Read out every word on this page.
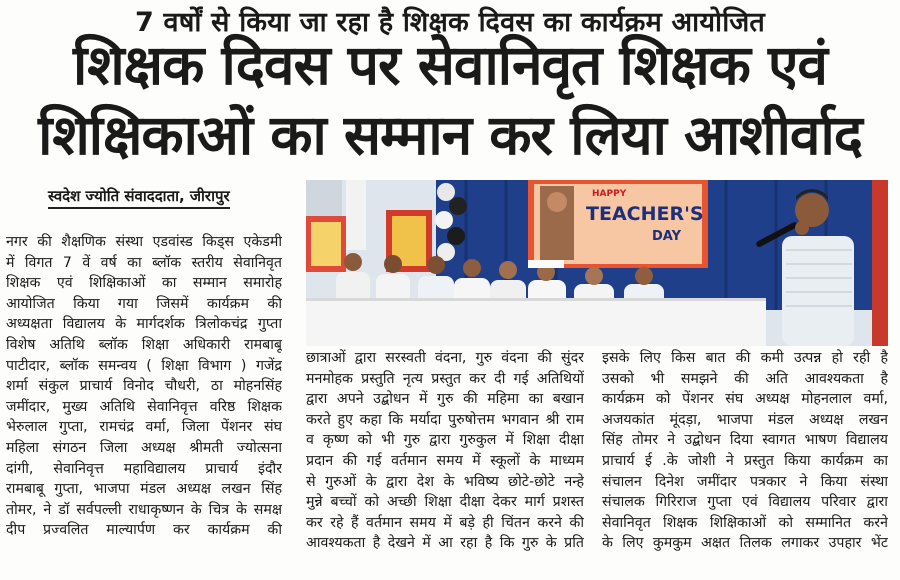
7 वर्षों से किया जा रहा है शिक्षक दिवस का कार्यक्रम आयोजित
शिक्षक दिवस पर सेवानिवृत शिक्षक एवं
शिक्षिकाओं का सम्मान कर लिया आशीर्वाद
स्वदेश ज्योति संवाददाता, जीरापुर
नगर की शैक्षणिक संस्था एडवांस्ड किड्स एकेडमी
में विगत 7 वें वर्ष का ब्लॉक स्तरीय सेवानिवृत
शिक्षक एवं शिक्षिकाओं का सम्मान समारोह
आयोजित किया गया जिसमें कार्यक्रम की
अध्यक्षता विद्यालय के मार्गदर्शक त्रिलोकचंद्र गुप्ता
विशेष अतिथि ब्लॉक शिक्षा अधिकारी रामबाबू
पाटीदार, ब्लॉक समन्वय ( शिक्षा विभाग ) गजेंद्र
शर्मा संकुल प्राचार्य विनोद चौधरी, ठा मोहनसिंह
जमींदार, मुख्य अतिथि सेवानिवृत्त वरिष्ठ शिक्षक
भेरुलाल गुप्ता, रामचंद्र वर्मा, जिला पेंशनर संघ
महिला संगठन जिला अध्यक्ष श्रीमती ज्योत्सना
दांगी, सेवानिवृत्त महाविद्यालय प्राचार्य इंदौर
रामबाबू गुप्ता, भाजपा मंडल अध्यक्ष लखन सिंह
तोमर, ने डॉ सर्वपल्ली राधाकृष्णन के चित्र के समक्ष
दीप प्रज्वलित माल्यार्पण कर कार्यक्रम की
HAPPY
TEACHER'S
DAY
छात्राओं द्वारा सरस्वती वंदना, गुरु वंदना की सुंदर
मनमोहक प्रस्तुति नृत्य प्रस्तुत कर दी गई अतिथियों
द्वारा अपने उद्बोधन में गुरु की महिमा का बखान
करते हुए कहा कि मर्यादा पुरुषोत्तम भगवान श्री राम
व कृष्ण को भी गुरु द्वारा गुरुकुल में शिक्षा दीक्षा
प्रदान की गई वर्तमान समय में स्कूलों के माध्यम
से गुरुओं के द्वारा देश के भविष्य छोटे-छोटे नन्हे
मुन्ने बच्चों को अच्छी शिक्षा दीक्षा देकर मार्ग प्रशस्त
कर रहे हैं वर्तमान समय में बड़े ही चिंतन करने की
आवश्यकता है देखने में आ रहा है कि गुरु के प्रति
इसके लिए किस बात की कमी उत्पन्न हो रही है
उसको भी समझने की अति आवश्यकता है
कार्यक्रम को पेंशनर संघ अध्यक्ष मोहनलाल वर्मा,
अजयकांत मूंदड़ा, भाजपा मंडल अध्यक्ष लखन
सिंह तोमर ने उद्बोधन दिया स्वागत भाषण विद्यालय
प्राचार्य ई .के जोशी ने प्रस्तुत किया कार्यक्रम का
संचालन दिनेश जमींदार पत्रकार ने किया संस्था
संचालक गिरिराज गुप्ता एवं विद्यालय परिवार द्वारा
सेवानिवृत शिक्षक शिक्षिकाओं को सम्मानित करने
के लिए कुमकुम अक्षत तिलक लगाकर उपहार भेंट
